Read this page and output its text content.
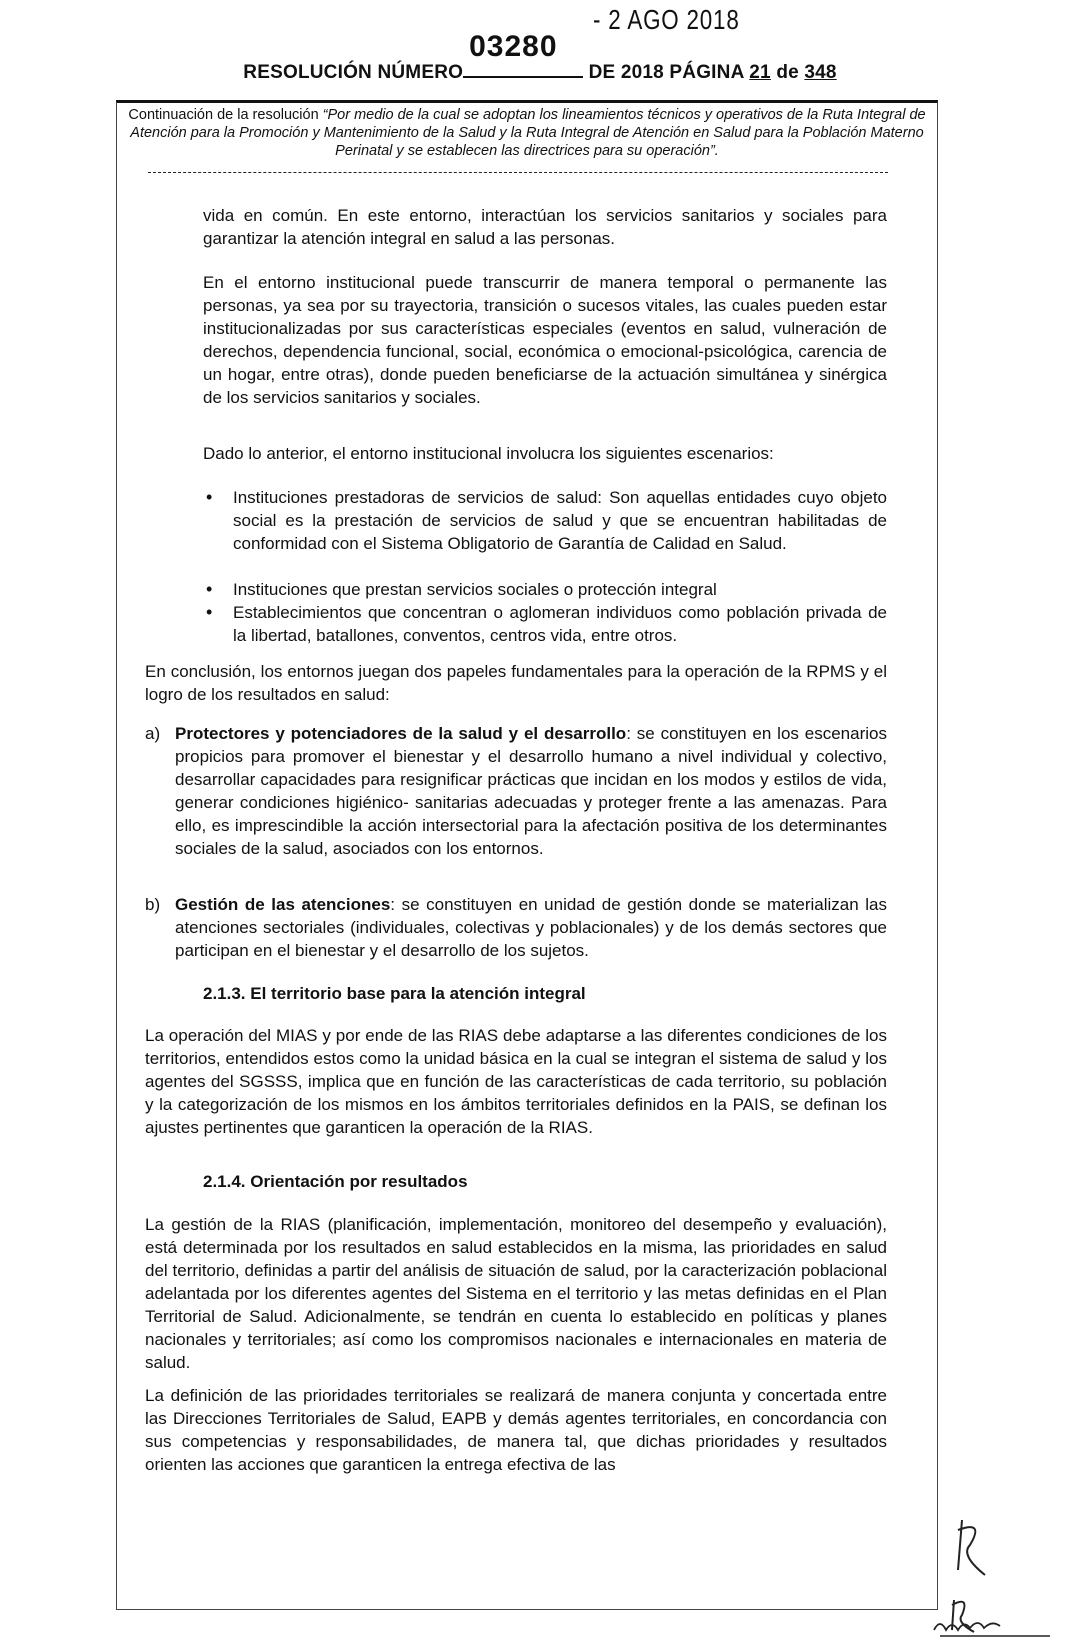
- 2 AGO 2018
RESOLUCIÓN NÚMERO
03280
DE 2018 PÁGINA 21 de 348
Continuación de la resolución “Por medio de la cual se adoptan los lineamientos técnicos y operativos de la Ruta Integral de Atención para la Promoción y Mantenimiento de la Salud y la Ruta Integral de Atención en Salud para la Población Materno Perinatal y se establecen las directrices para su operación”.
vida en común. En este entorno, interactúan los servicios sanitarios y sociales para garantizar la atención integral en salud a las personas.
En el entorno institucional puede transcurrir de manera temporal o permanente las personas, ya sea por su trayectoria, transición o sucesos vitales, las cuales pueden estar institucionalizadas por sus características especiales (eventos en salud, vulneración de derechos, dependencia funcional, social, económica o emocional-psicológica, carencia de un hogar, entre otras), donde pueden beneficiarse de la actuación simultánea y sinérgica de los servicios sanitarios y sociales.
Dado lo anterior, el entorno institucional involucra los siguientes escenarios:
• Instituciones prestadoras de servicios de salud: Son aquellas entidades cuyo objeto social es la prestación de servicios de salud y que se encuentran habilitadas de conformidad con el Sistema Obligatorio de Garantía de Calidad en Salud.
• Instituciones que prestan servicios sociales o protección integral
• Establecimientos que concentran o aglomeran individuos como población privada de la libertad, batallones, conventos, centros vida, entre otros.
En conclusión, los entornos juegan dos papeles fundamentales para la operación de la RPMS y el logro de los resultados en salud:
a) Protectores y potenciadores de la salud y el desarrollo: se constituyen en los escenarios propicios para promover el bienestar y el desarrollo humano a nivel individual y colectivo, desarrollar capacidades para resignificar prácticas que incidan en los modos y estilos de vida, generar condiciones higiénico- sanitarias adecuadas y proteger frente a las amenazas. Para ello, es imprescindible la acción intersectorial para la afectación positiva de los determinantes sociales de la salud, asociados con los entornos.
b) Gestión de las atenciones: se constituyen en unidad de gestión donde se materializan las atenciones sectoriales (individuales, colectivas y poblacionales) y de los demás sectores que participan en el bienestar y el desarrollo de los sujetos.
2.1.3. El territorio base para la atención integral
La operación del MIAS y por ende de las RIAS debe adaptarse a las diferentes condiciones de los territorios, entendidos estos como la unidad básica en la cual se integran el sistema de salud y los agentes del SGSSS, implica que en función de las características de cada territorio, su población y la categorización de los mismos en los ámbitos territoriales definidos en la PAIS, se definan los ajustes pertinentes que garanticen la operación de la RIAS.
2.1.4. Orientación por resultados
La gestión de la RIAS (planificación, implementación, monitoreo del desempeño y evaluación), está determinada por los resultados en salud establecidos en la misma, las prioridades en salud del territorio, definidas a partir del análisis de situación de salud, por la caracterización poblacional adelantada por los diferentes agentes del Sistema en el territorio y las metas definidas en el Plan Territorial de Salud. Adicionalmente, se tendrán en cuenta lo establecido en políticas y planes nacionales y territoriales; así como los compromisos nacionales e internacionales en materia de salud.
La definición de las prioridades territoriales se realizará de manera conjunta y concertada entre las Direcciones Territoriales de Salud, EAPB y demás agentes territoriales, en concordancia con sus competencias y responsabilidades, de manera tal, que dichas prioridades y resultados orienten las acciones que garanticen la entrega efectiva de las
